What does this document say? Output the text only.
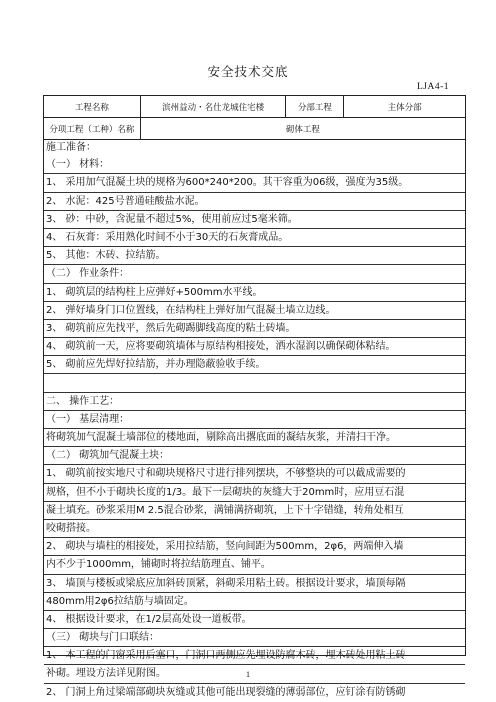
安全技术交底
LJA4-1
工程名称	滨州益动・名仕龙城住宅楼	分部工程	主体分部
分项工程（工种）名称	砌体工程		
施工准备：
（一） 材料：
1、 采用加气混凝土块的规格为600*240*200。其干容重为06级，强度为35级。
2、 水泥：425号普通硅酸盐水泥。
3、 砂：中砂，含泥量不超过5%，使用前应过5毫米筛。
4、 石灰膏：采用熟化时间不小于30天的石灰膏成品。
5、 其他：木砖、拉结筋。
（二） 作业条件：
1、 砌筑层的结构柱上应弹好+500mm水平线。
2、 弹好墙身门口位置线，在结构柱上弹好加气混凝土墙立边线。
3、 砌筑前应先找平，然后先砌踢脚线高度的粘土砖墙。
4、 砌筑前一天，应将要砌筑墙体与原结构相接处，洒水湿润以确保砌体粘结。
5、 砌前应先焊好拉结筋，并办理隐蔽验收手续。
二、 操作工艺：
（一） 基层清理：
将砌筑加气混凝土墙部位的楼地面，剔除高出撂底面的凝结灰浆，并清扫干净。
（二） 砌筑加气混凝土块：
1、 砌筑前按实地尺寸和砌块规格尺寸进行排列摆块，不够整块的可以截成需要的
规格，但不小于砌块长度的1/3。最下一层砌块的灰缝大于20mm时，应用豆石混
凝土填充。砂浆采用M 2.5混合砂浆，满铺满挤砌筑，上下十字错缝，转角处相互
咬砌搭接。
2、 砌块与墙柱的相接处，采用拉结筋，竖向间距为500mm，2φ6，两端伸入墙
内不少于1000mm，铺砌时将拉结筋理直、铺平。
3、 墙顶与楼板或梁底应加斜砖顶紧，斜砌采用粘土砖。根据设计要求，墙顶每隔
480mm用2φ6拉结筋与墙固定。
4、 根据设计要求，在1/2层高处设一道板带。
（三） 砌块与门口联结：
1、 本工程的门窗采用后塞口，门洞口两侧应先埋设防腐木砖，埋木砖处用粘土砖
补砌。埋设方法详见附图。
2、 门洞上角过梁端部砌块灰缝或其他可能出现裂缝的薄弱部位，应钉涂有防锈砌
1
